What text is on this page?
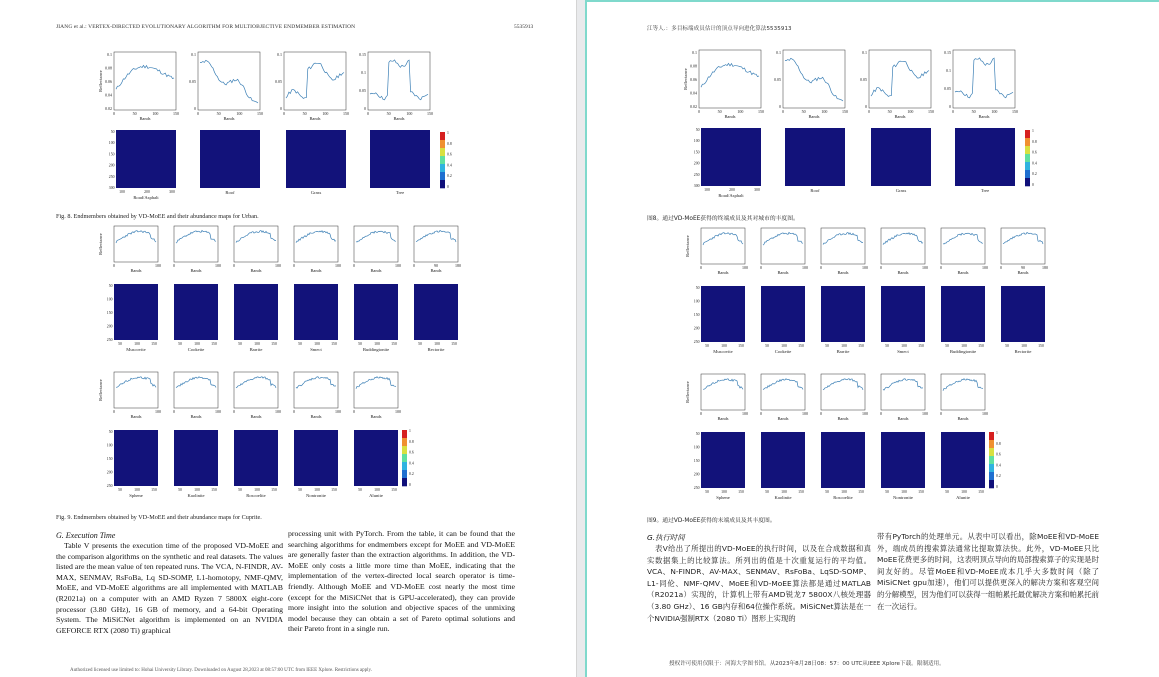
JIANG et al.: VERTEX-DIRECTED EVOLUTIONARY ALGORITHM FOR MULTIOBJECTIVE ENDMEMBER ESTIMATION	5535913
0.1
0.08
0.06
0.04
0.02
0	50	100	150
Bands
Reflectance
0.1
0.05
0
0	50	100	150
Bands
0.1
0.05
0
0	50	100	150
Bands
0.15
0.1
0.05
0
0	50	100	150
Bands
50
100
150
200
250
300
100	200	300
Road/Asphalt
Roof	Grass	Tree
1
0.8
0.6
0.4
0.2
0
Fig. 8. Endmembers obtained by VD-MoEE and their abundance maps for Urban.
0	100
Bands
Reflectance
0	100
Bands
0	100
Bands
0	100
Bands
0	100
Bands
0	90	180
Bands
50
100
150
200
250
50	100	150
Muscovite
50	100	150
Cookeite
50	100	150
Barrite
50	100	150
Smect
50	100	150
Buddingtonite
50	100	150
Rectorite
0	100
Bands
Reflectance
0	100
Bands
0	100
Bands
0	100
Bands
0	100
Bands
50
100
150
200
250
50	100	150
Sphene
50	100	150
Kaolinite
50	100	150
Roscoelite
50	100	150
Nontronite
50	100	150
Alunite
1
0.8
0.6
0.4
0.2
0
Fig. 9. Endmembers obtained by VD-MoEE and their abundance maps for Cuprite.
G. Execution Time

Table V presents the execution time of the proposed VD-MoEE and the comparison algorithms on the synthetic and real datasets. The values listed are the mean value of ten repeated runs. The VCA, N-FINDR, AV-MAX, SENMAV, RsFoBa, Lq SD-SOMP, L1-homotopy, NMF-QMV, MoEE, and VD-MoEE algorithms are all implemented with MATLAB (R2021a) on a computer with an AMD Ryzen 7 5800X eight-core processor (3.80 GHz), 16 GB of memory, and a 64-bit Operating System. The MiSiCNet algorithm is implemented on an NVIDIA GEFORCE RTX (2080 Ti) graphical

processing unit with PyTorch. From the table, it can be found that the searching algorithms for endmembers except for MoEE and VD-MoEE are generally faster than the extraction algorithms. In addition, the VD-MoEE only costs a little more time than MoEE, indicating that the implementation of the vertex-directed local search operator is time-friendly. Although MoEE and VD-MoEE cost nearly the most time (except for the MiSiCNet that is GPU-accelerated), they can provide more insight into the solution and objective spaces of the unmixing model because they can obtain a set of Pareto optimal solutions and their Pareto front in a single run.
Authorized licensed use limited to: Hohai University Library. Downloaded on August 28,2023 at 08:57:00 UTC from IEEE Xplore. Restrictions apply.
江等人.：多目标端成员估计的顶点导向进化算法5535913
0.1
0.08
0.06
0.04
0.02
0	50	100	150
Bands
Reflectance
0.1
0.05
0
0	50	100	150
Bands
0.1
0.05
0
0	50	100	150
Bands
0.15
0.1
0.05
0
0	50	100	150
Bands
50
100
150
200
250
300
100	200	300
Road/Asphalt
Roof	Grass	Tree
1
0.8
0.6
0.4
0.2
0
图8。通过VD-MoEE获得的终端成员及其对城市的丰度图。
0	100
Bands
Reflectance
0	100
Bands
0	100
Bands
0	100
Bands
0	100
Bands
0	90	180
Bands
50
100
150
200
250
50	100	150
Muscovite
50	100	150
Cookeite
50	100	150
Barrite
50	100	150
Smect
50	100	150
Buddingtonite
50	100	150
Rectorite
0	100
Bands
Reflectance
0	100
Bands
0	100
Bands
0	100
Bands
0	100
Bands
50
100
150
200
250
50	100	150
Sphene
50	100	150
Kaolinite
50	100	150
Roscoelite
50	100	150
Nontronite
50	100	150
Alunite
1
0.8
0.6
0.4
0.2
0
图9。通过VD-MoEE获得的末端成员及其丰度图。
G.执行时间

表V给出了所提出的VD-MoEE的执行时间，以及在合成数据和真实数据集上的比较算法。所列出的值是十次重复运行的平均值。VCA、N-FINDR、AV-MAX、SENMAV、RsFoBa、LqSD-SOMP、L1-同伦、NMF-QMV、MoEE和VD-MoEE算法都是通过MATLAB（R2021a）实现的，计算机上带有AMD锐龙7 5800X八核处理器（3.80 GHz）、16 GB内存和64位操作系统。MiSiCNet算法是在一个NVIDIA强制RTX（2080 Ti）图形上实现的

带有PyTorch的处理单元。从表中可以看出，除MoEE和VD-MoEE外，端成员的搜索算法通常比提取算法快。此外，VD-MoEE只比MoEE花费更多的时间，这表明顶点导向的局部搜索算子的实现是时间友好的。尽管MoEE和VD-MoEE成本几乎大多数时间（除了MiSiCNet gpu加速），他们可以提供更深入的解决方案和客观空间的分解模型，因为他们可以获得一组帕累托最优解决方案和帕累托前在一次运行。
授权许可使用仅限于：河海大学图书馆。从2023年8月28日08：57：00 UTC从IEEE Xplore下载。限制适用。
